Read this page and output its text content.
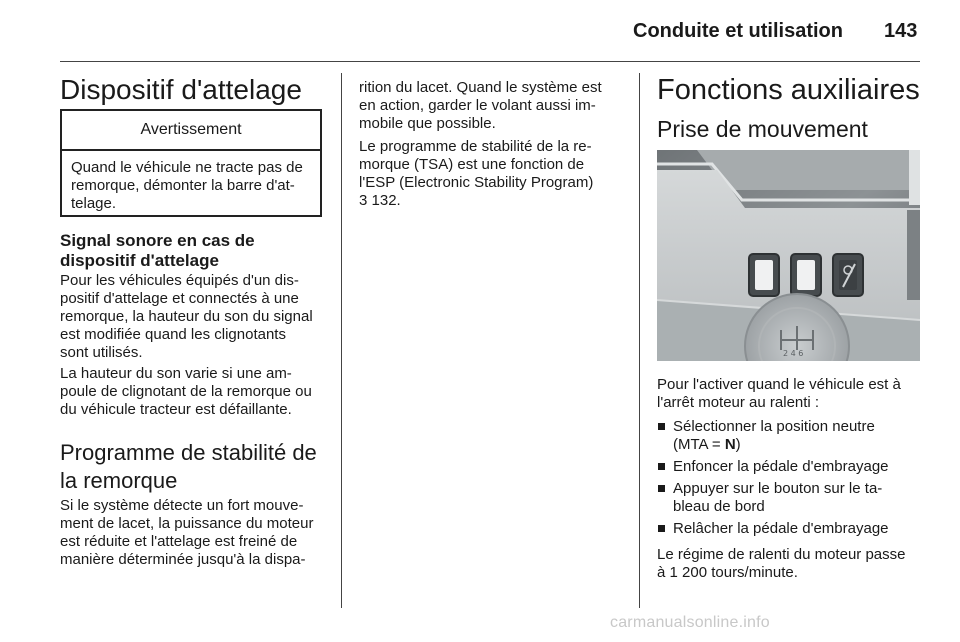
Conduite et utilisation 143
Dispositif d'attelage
Avertissement
Quand le véhicule ne tracte pas de
remorque, démonter la barre d'at-
telage.
Signal sonore en cas de
dispositif d'attelage
Pour les véhicules équipés d'un dis-
positif d'attelage et connectés à une
remorque, la hauteur du son du signal
est modifiée quand les clignotants
sont utilisés.
La hauteur du son varie si une am-
poule de clignotant de la remorque ou
du véhicule tracteur est défaillante.
Programme de stabilité de
la remorque
Si le système détecte un fort mouve-
ment de lacet, la puissance du moteur
est réduite et l'attelage est freiné de
manière déterminée jusqu'à la dispa-
rition du lacet. Quand le système est
en action, garder le volant aussi im-
mobile que possible.
Le programme de stabilité de la re-
morque (TSA) est une fonction de
l'ESP (Electronic Stability Program)
3 132.
Fonctions auxiliaires
Prise de mouvement
2 4 6
Pour l'activer quand le véhicule est à
l'arrêt moteur au ralenti :
Sélectionner la position neutre
(MTA = N)
Enfoncer la pédale d'embrayage
Appuyer sur le bouton sur le ta-
bleau de bord
Relâcher la pédale d'embrayage
Le régime de ralenti du moteur passe
à 1 200 tours/minute.
carmanualsonline.info
